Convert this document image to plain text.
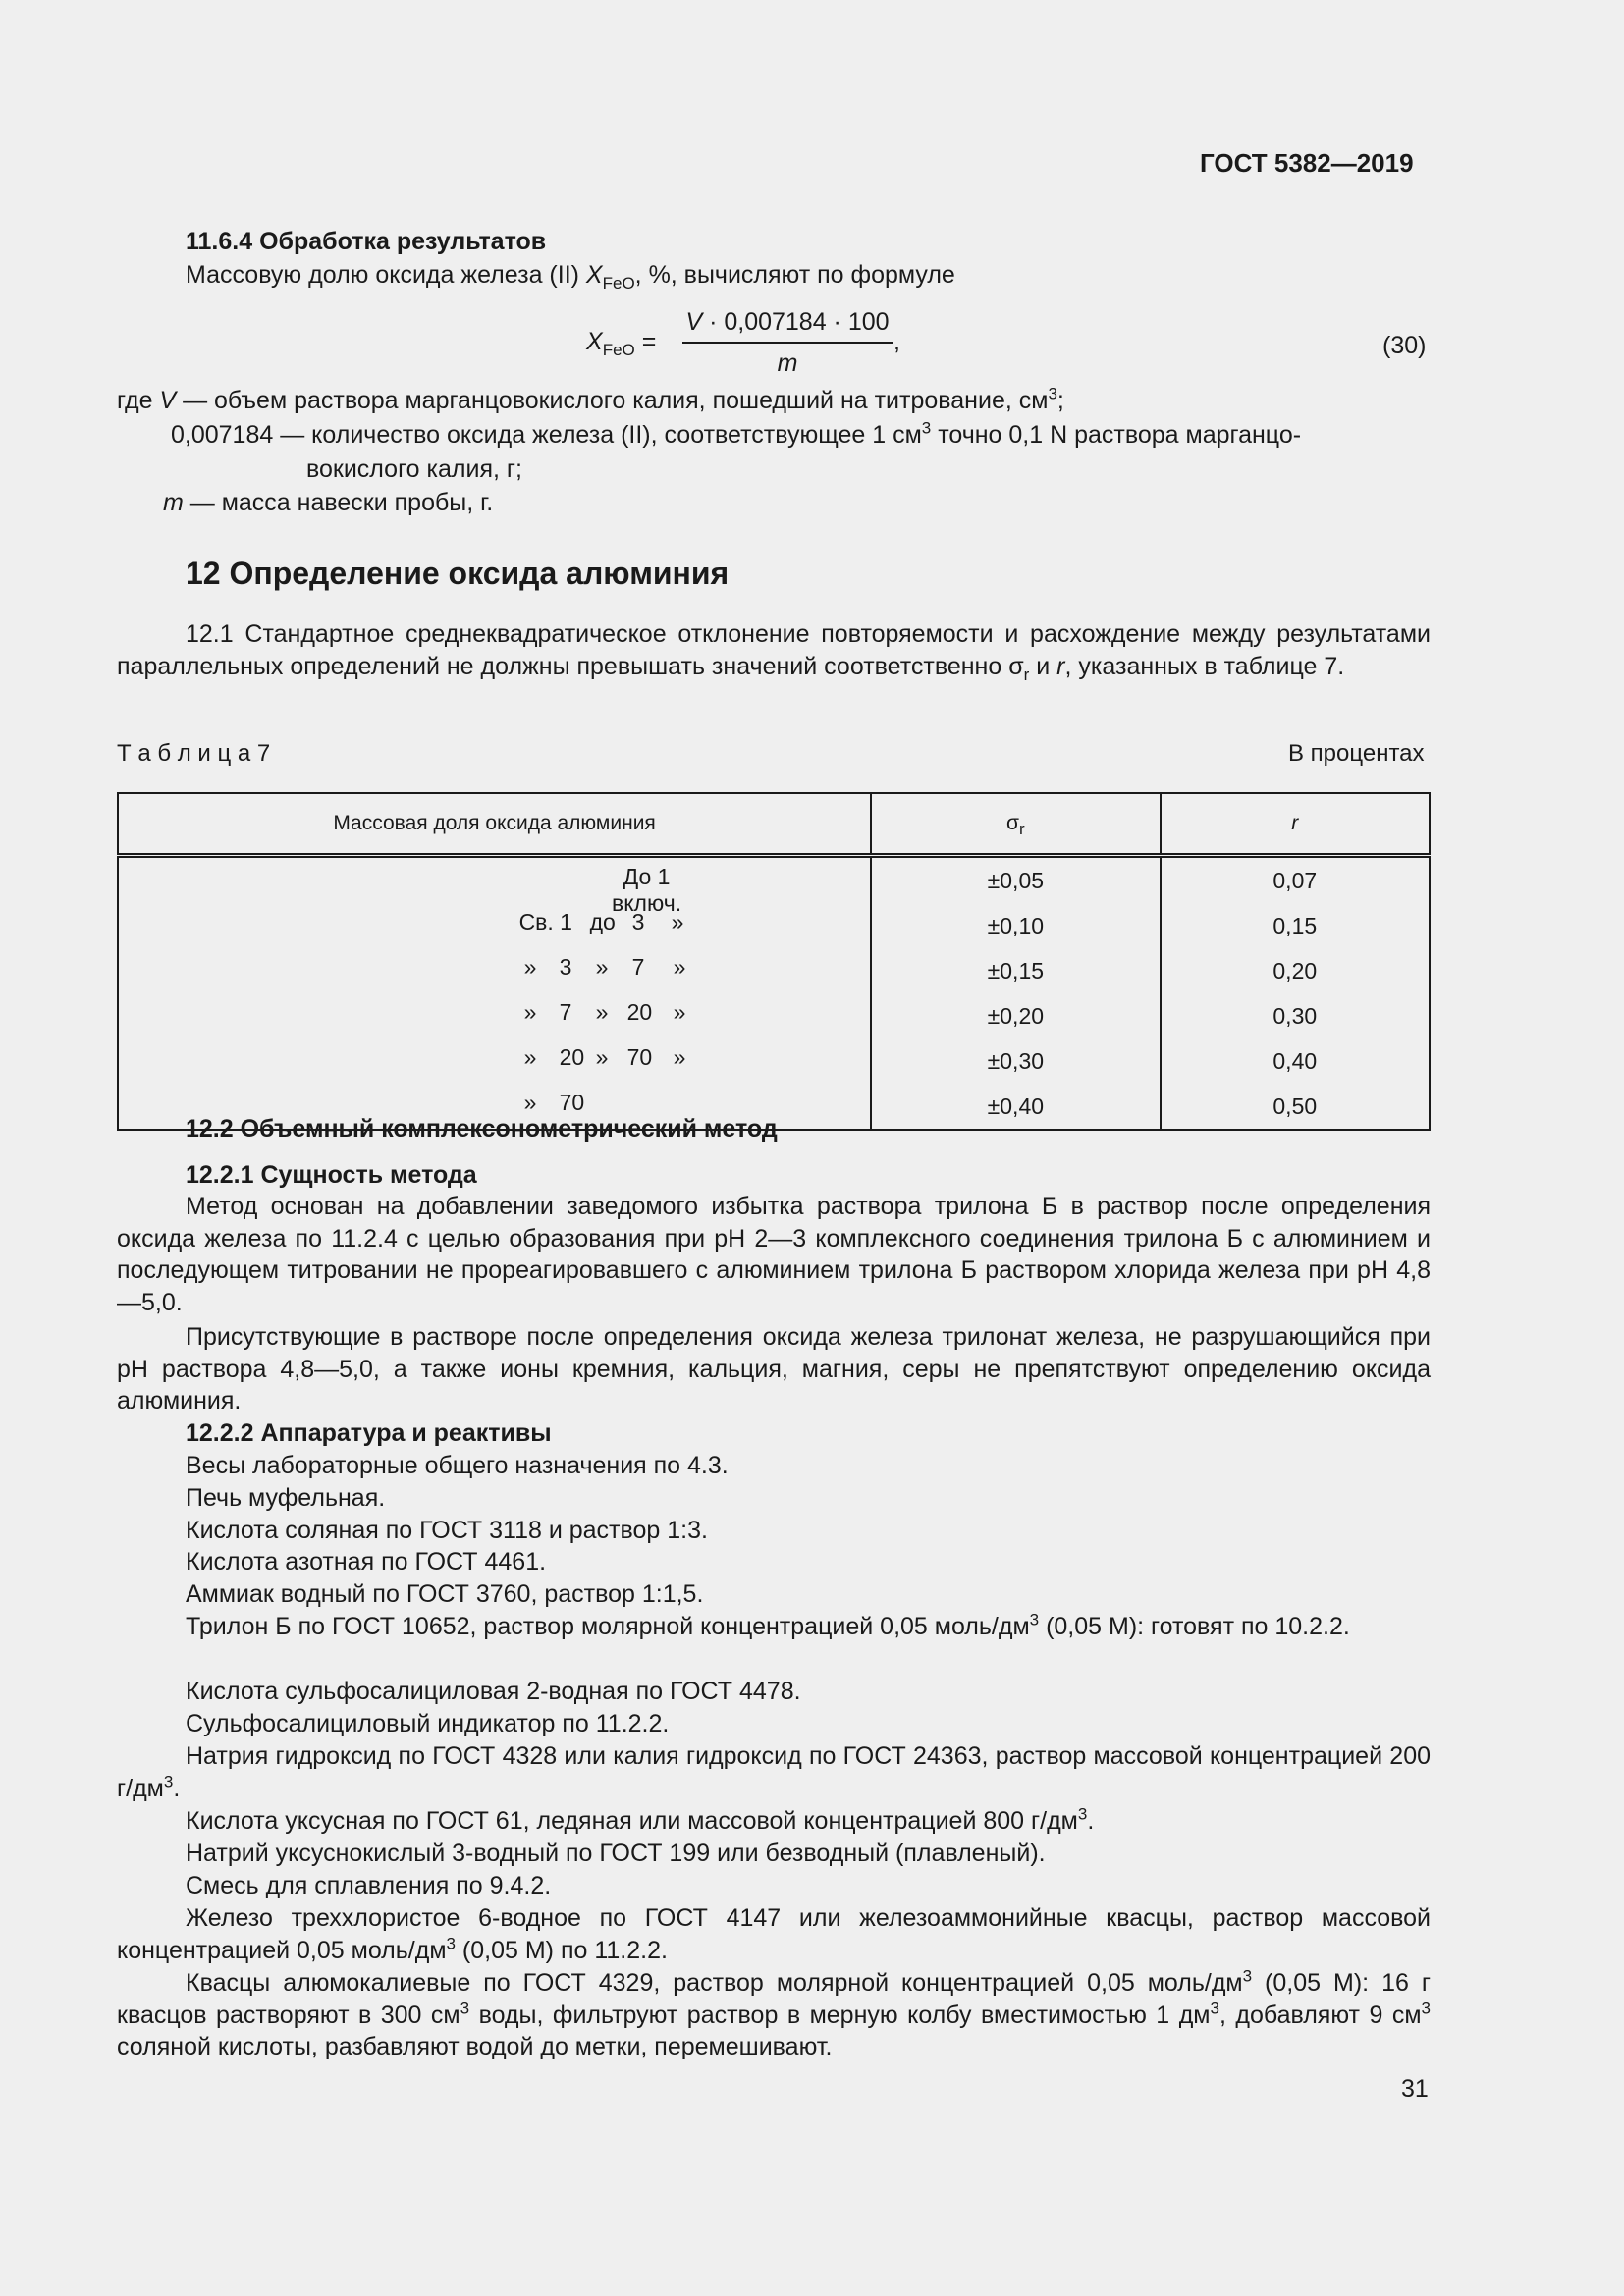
ГОСТ 5382—2019
11.6.4 Обработка результатов
Массовую долю оксида железа (II) $X_{FeO}$, %, вычисляют по формуле
$X_{FeO}$ =
V · 0,007184 · 100
m
,	(30)
где V — объем раствора марганцовокислого калия, пошедший на титрование, $см^3$;
0,007184 — количество оксида железа (II), соответствующее 1 $см^3$ точно 0,1 N раствора марганцо-
вокислого калия, г;
m — масса навески пробы, г.
12 Определение оксида алюминия
12.1 Стандартное среднеквадратическое отклонение повторяемости и расхождение между результатами параллельных определений не должны превышать значений соответственно $\sigma_r$ и r, указанных в таблице 7.
Т а б л и ц а 7	В процентах
Массовая доля оксида алюминия	$\sigma_r$	r

До 1 включ.	±0,05	0,07

Св. 1 до 3 »	±0,10	0,15

» 3 » 7 »	±0,15	0,20

» 7 » 20 »	±0,20	0,30

» 20 » 70 »	±0,30	0,40

» 70	±0,40	0,50
12.2 Объемный комплексонометрический метод
12.2.1 Сущность метода
Метод основан на добавлении заведомого избытка раствора трилона Б в раствор после определения оксида железа по 11.2.4 с целью образования при pH 2—3 комплексного соединения трилона Б с алюминием и последующем титровании не прореагировавшего с алюминием трилона Б раствором хлорида железа при pH 4,8—5,0.
Присутствующие в растворе после определения оксида железа трилонат железа, не разрушающийся при pH раствора 4,8—5,0, а также ионы кремния, кальция, магния, серы не препятствуют определению оксида алюминия.
12.2.2 Аппаратура и реактивы
Весы лабораторные общего назначения по 4.3.
Печь муфельная.
Кислота соляная по ГОСТ 3118 и раствор 1:3.
Кислота азотная по ГОСТ 4461.
Аммиак водный по ГОСТ 3760, раствор 1:1,5.
Трилон Б по ГОСТ 10652, раствор молярной концентрацией 0,05 моль/$дм^3$ (0,05 М): готовят по 10.2.2.
Кислота сульфосалициловая 2-водная по ГОСТ 4478.
Сульфосалициловый индикатор по 11.2.2.
Натрия гидроксид по ГОСТ 4328 или калия гидроксид по ГОСТ 24363, раствор массовой концентрацией 200 $г/дм^3$.
Кислота уксусная по ГОСТ 61, ледяная или массовой концентрацией 800 $г/дм^3$.
Натрий уксуснокислый 3-водный по ГОСТ 199 или безводный (плавленый).
Смесь для сплавления по 9.4.2.
Железо треххлористое 6-водное по ГОСТ 4147 или железоаммонийные квасцы, раствор массовой концентрацией 0,05 моль/$дм^3$ (0,05 М) по 11.2.2.
Квасцы алюмокалиевые по ГОСТ 4329, раствор молярной концентрацией 0,05 моль/$дм^3$ (0,05 М): 16 г квасцов растворяют в 300 $см^3$ воды, фильтруют раствор в мерную колбу вместимостью 1 $дм^3$, добавляют 9 $см^3$ соляной кислоты, разбавляют водой до метки, перемешивают.
31
